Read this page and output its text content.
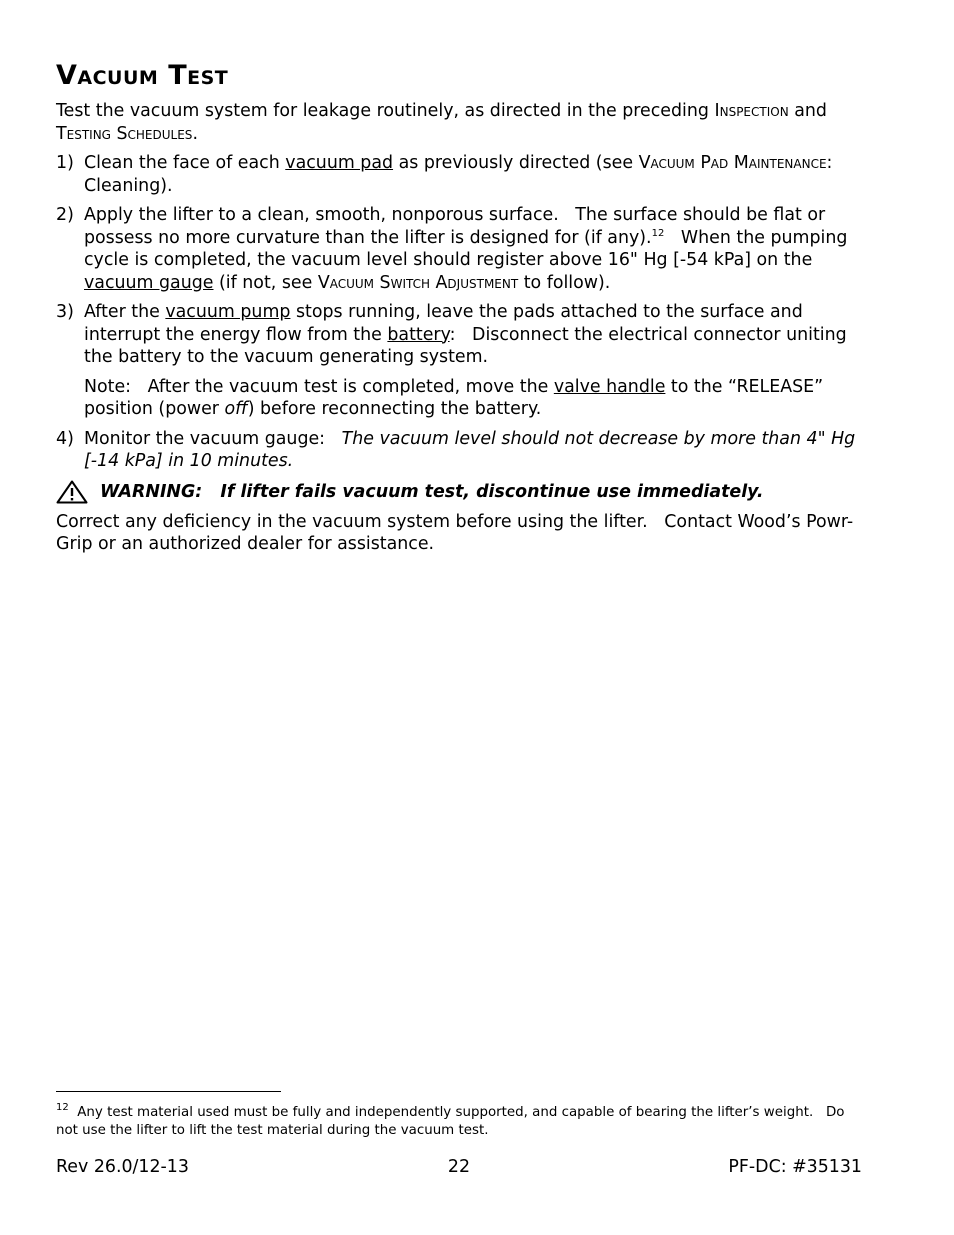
Vacuum Test

Test the vacuum system for leakage routinely, as directed in the preceding Inspection and Testing Schedules.

1) Clean the face of each vacuum pad as previously directed (see Vacuum Pad Maintenance: Cleaning).

2) Apply the lifter to a clean, smooth, nonporous surface.   The surface should be flat or possess no more curvature than the lifter is designed for (if any).$^{12}$   When the pumping cycle is completed, the vacuum level should register above 16" Hg [-54 kPa] on the vacuum gauge (if not, see Vacuum Switch Adjustment to follow).

3) After the vacuum pump stops running, leave the pads attached to the surface and interrupt the energy flow from the battery:   Disconnect the electrical connector uniting the battery to the vacuum generating system.

Note:   After the vacuum test is completed, move the valve handle to the “RELEASE” position (power off) before reconnecting the battery.

4) Monitor the vacuum gauge:   The vacuum level should not decrease by more than 4" Hg [-14 kPa] in 10 minutes.

WARNING:   If lifter fails vacuum test, discontinue use immediately.

Correct any deficiency in the vacuum system before using the lifter.   Contact Wood’s Powr-Grip or an authorized dealer for assistance.

$^{12}$  Any test material used must be fully and independently supported, and capable of bearing the lifter’s weight.   Do not use the lifter to lift the test material during the vacuum test.
Rev 26.0/12-13	22	PF-DC: #35131
